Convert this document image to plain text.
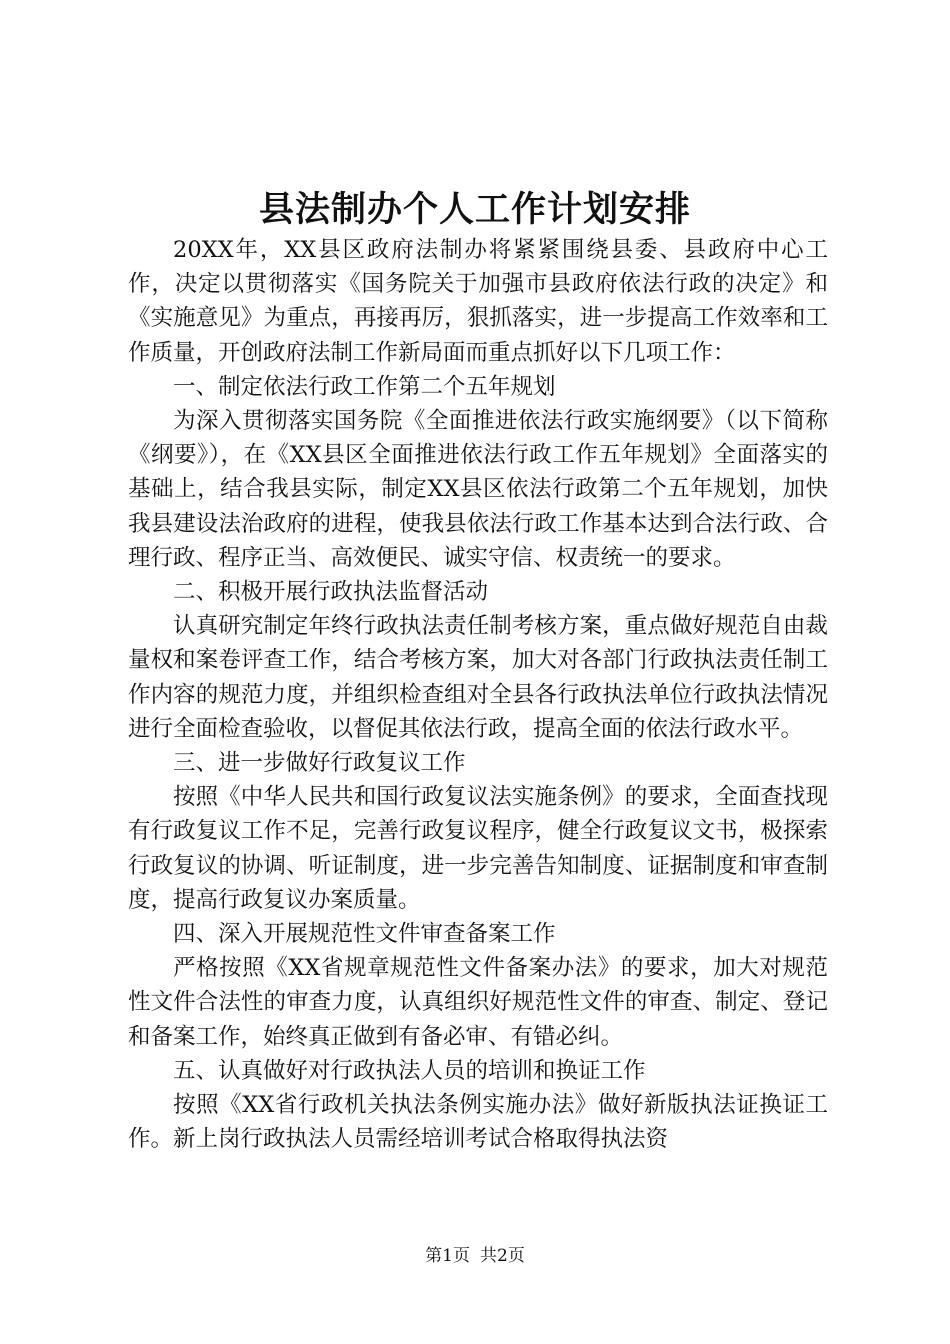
县法制办个人工作计划安排

20XX年，XX县区政府法制办将紧紧围绕县委、县政府中心工作，决定以贯彻落实《国务院关于加强市县政府依法行政的决定》和《实施意见》为重点，再接再厉，狠抓落实，进一步提高工作效率和工作质量，开创政府法制工作新局面而重点抓好以下几项工作：

一、制定依法行政工作第二个五年规划

为深入贯彻落实国务院《全面推进依法行政实施纲要》（以下简称《纲要》），在《XX县区全面推进依法行政工作五年规划》全面落实的基础上，结合我县实际，制定XX县区依法行政第二个五年规划，加快我县建设法治政府的进程，使我县依法行政工作基本达到合法行政、合理行政、程序正当、高效便民、诚实守信、权责统一的要求。

二、积极开展行政执法监督活动

认真研究制定年终行政执法责任制考核方案，重点做好规范自由裁量权和案卷评查工作，结合考核方案，加大对各部门行政执法责任制工作内容的规范力度，并组织检查组对全县各行政执法单位行政执法情况进行全面检查验收，以督促其依法行政，提高全面的依法行政水平。

三、进一步做好行政复议工作

按照《中华人民共和国行政复议法实施条例》的要求，全面查找现有行政复议工作不足，完善行政复议程序，健全行政复议文书，极探索行政复议的协调、听证制度，进一步完善告知制度、证据制度和审查制度，提高行政复议办案质量。

四、深入开展规范性文件审查备案工作

严格按照《XX省规章规范性文件备案办法》的要求，加大对规范性文件合法性的审查力度，认真组织好规范性文件的审查、制定、登记和备案工作，始终真正做到有备必审、有错必纠。

五、认真做好对行政执法人员的培训和换证工作

按照《XX省行政机关执法条例实施办法》做好新版执法证换证工作。新上岗行政执法人员需经培训考试合格取得执法资

第1页 共2页
